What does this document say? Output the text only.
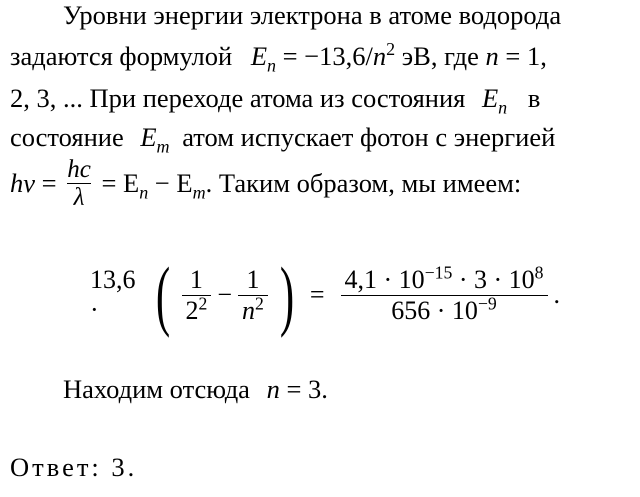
Уровни энергии электрона в атоме водорода
задаются формулой $E_n = -13,6/n^2$ эВ, где n = 1,
2, 3, ... При переходе атома из состояния $E_n$ в
состояние $E_m$ атом испускает фотон с энергией
$h\nu = \frac{hc}{\lambda} = E_n - E_m$. Таким образом, мы имеем:
13,6 · ( $\frac{1}{2^2} - \frac{1}{n^2}$ ) = $\frac{4,1 \cdot 10^{-15} \cdot 3 \cdot 10^8}{656 \cdot 10^{-9}}$ .
Находим отсюда n = 3.
Ответ: 3.
